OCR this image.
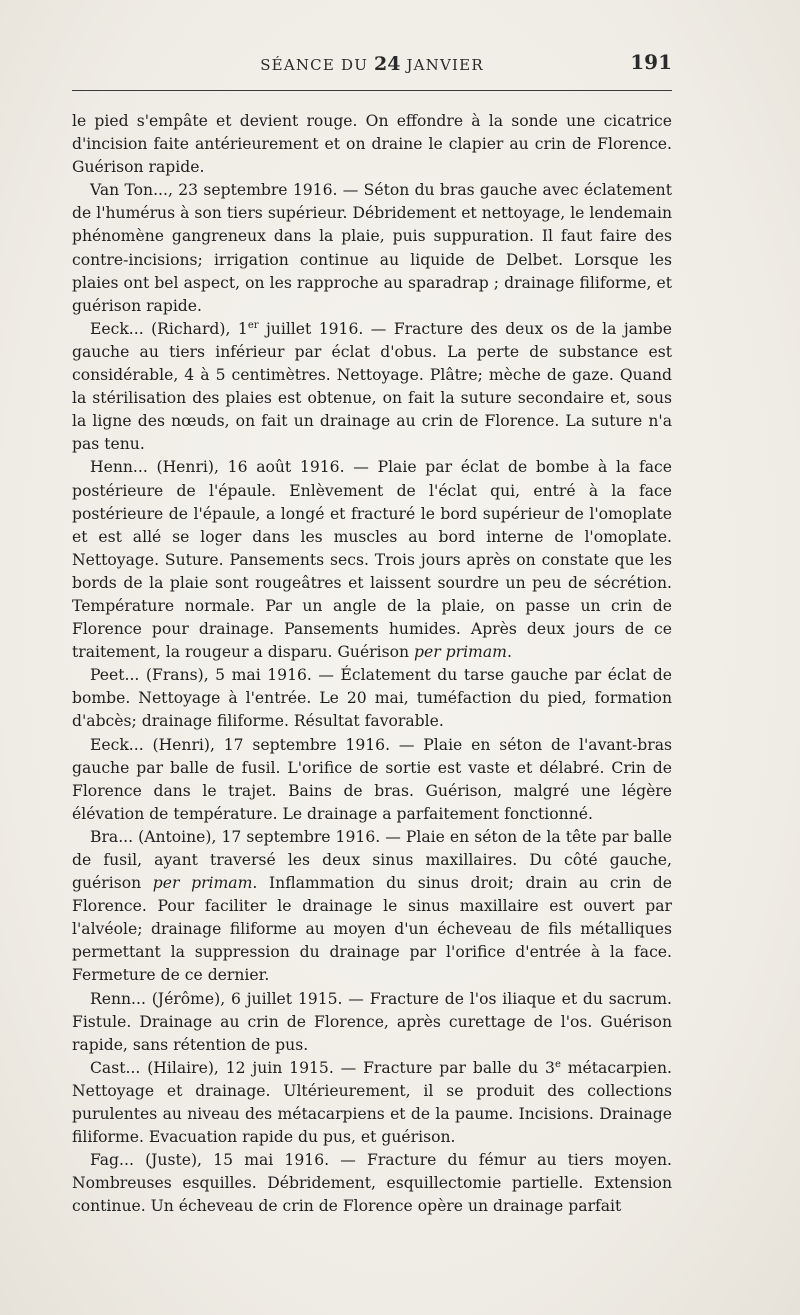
SÉANCE DU 24 JANVIER	191

le pied s'empâte et devient rouge. On effondre à la sonde une cicatrice d'incision faite antérieurement et on draine le clapier au crin de Florence. Guérison rapide.

Van Ton..., 23 septembre 1916. — Séton du bras gauche avec éclatement de l'humérus à son tiers supérieur. Débridement et nettoyage, le lendemain phénomène gangreneux dans la plaie, puis suppuration. Il faut faire des contre-incisions; irrigation continue au liquide de Delbet. Lorsque les plaies ont bel aspect, on les rapproche au sparadrap ; drainage filiforme, et guérison rapide.

Eeck... (Richard), 1er juillet 1916. — Fracture des deux os de la jambe gauche au tiers inférieur par éclat d'obus. La perte de substance est considérable, 4 à 5 centimètres. Nettoyage. Plâtre; mèche de gaze. Quand la stérilisation des plaies est obtenue, on fait la suture secondaire et, sous la ligne des nœuds, on fait un drainage au crin de Florence. La suture n'a pas tenu.

Henn... (Henri), 16 août 1916. — Plaie par éclat de bombe à la face postérieure de l'épaule. Enlèvement de l'éclat qui, entré à la face postérieure de l'épaule, a longé et fracturé le bord supérieur de l'omoplate et est allé se loger dans les muscles au bord interne de l'omoplate. Nettoyage. Suture. Pansements secs. Trois jours après on constate que les bords de la plaie sont rougeâtres et laissent sourdre un peu de sécrétion. Température normale. Par un angle de la plaie, on passe un crin de Florence pour drainage. Pansements humides. Après deux jours de ce traitement, la rougeur a disparu. Guérison per primam.

Peet... (Frans), 5 mai 1916. — Éclatement du tarse gauche par éclat de bombe. Nettoyage à l'entrée. Le 20 mai, tuméfaction du pied, formation d'abcès; drainage filiforme. Résultat favorable.

Eeck... (Henri), 17 septembre 1916. — Plaie en séton de l'avant-bras gauche par balle de fusil. L'orifice de sortie est vaste et délabré. Crin de Florence dans le trajet. Bains de bras. Guérison, malgré une légère élévation de température. Le drainage a parfaitement fonctionné.

Bra... (Antoine), 17 septembre 1916. — Plaie en séton de la tête par balle de fusil, ayant traversé les deux sinus maxillaires. Du côté gauche, guérison per primam. Inflammation du sinus droit; drain au crin de Florence. Pour faciliter le drainage le sinus maxillaire est ouvert par l'alvéole; drainage filiforme au moyen d'un écheveau de fils métalliques permettant la suppression du drainage par l'orifice d'entrée à la face. Fermeture de ce dernier.

Renn... (Jérôme), 6 juillet 1915. — Fracture de l'os iliaque et du sacrum. Fistule. Drainage au crin de Florence, après curettage de l'os. Guérison rapide, sans rétention de pus.

Cast... (Hilaire), 12 juin 1915. — Fracture par balle du 3e métacarpien. Nettoyage et drainage. Ultérieurement, il se produit des collections purulentes au niveau des métacarpiens et de la paume. Incisions. Drainage filiforme. Evacuation rapide du pus, et guérison.

Fag... (Juste), 15 mai 1916. — Fracture du fémur au tiers moyen. Nombreuses esquilles. Débridement, esquillectomie partielle. Extension continue. Un écheveau de crin de Florence opère un drainage parfait
